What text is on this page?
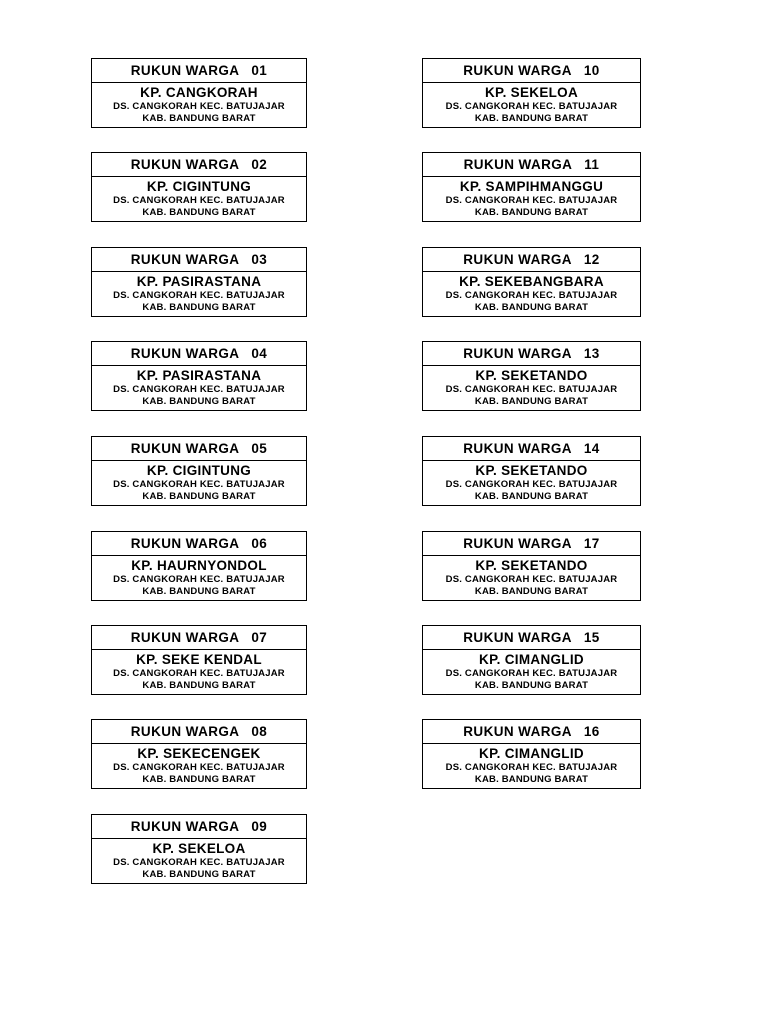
RUKUN WARGA   01
KP. CANGKORAH
DS. CANGKORAH KEC. BATUJAJAR
KAB. BANDUNG BARAT
RUKUN WARGA   02
KP. CIGINTUNG
DS. CANGKORAH KEC. BATUJAJAR
KAB. BANDUNG BARAT
RUKUN WARGA   03
KP. PASIRASTANA
DS. CANGKORAH KEC. BATUJAJAR
KAB. BANDUNG BARAT
RUKUN WARGA   04
KP. PASIRASTANA
DS. CANGKORAH KEC. BATUJAJAR
KAB. BANDUNG BARAT
RUKUN WARGA   05
KP. CIGINTUNG
DS. CANGKORAH KEC. BATUJAJAR
KAB. BANDUNG BARAT
RUKUN WARGA   06
KP. HAURNYONDOL
DS. CANGKORAH KEC. BATUJAJAR
KAB. BANDUNG BARAT
RUKUN WARGA   07
KP. SEKE KENDAL
DS. CANGKORAH KEC. BATUJAJAR
KAB. BANDUNG BARAT
RUKUN WARGA   08
KP. SEKECENGEK
DS. CANGKORAH KEC. BATUJAJAR
KAB. BANDUNG BARAT
RUKUN WARGA   09
KP. SEKELOA
DS. CANGKORAH KEC. BATUJAJAR
KAB. BANDUNG BARAT
RUKUN WARGA   10
KP. SEKELOA
DS. CANGKORAH KEC. BATUJAJAR
KAB. BANDUNG BARAT
RUKUN WARGA   11
KP. SAMPIHMANGGU
DS. CANGKORAH KEC. BATUJAJAR
KAB. BANDUNG BARAT
RUKUN WARGA   12
KP. SEKEBANGBARA
DS. CANGKORAH KEC. BATUJAJAR
KAB. BANDUNG BARAT
RUKUN WARGA   13
KP. SEKETANDO
DS. CANGKORAH KEC. BATUJAJAR
KAB. BANDUNG BARAT
RUKUN WARGA   14
KP. SEKETANDO
DS. CANGKORAH KEC. BATUJAJAR
KAB. BANDUNG BARAT
RUKUN WARGA   17
KP. SEKETANDO
DS. CANGKORAH KEC. BATUJAJAR
KAB. BANDUNG BARAT
RUKUN WARGA   15
KP. CIMANGLID
DS. CANGKORAH KEC. BATUJAJAR
KAB. BANDUNG BARAT
RUKUN WARGA   16
KP. CIMANGLID
DS. CANGKORAH KEC. BATUJAJAR
KAB. BANDUNG BARAT
